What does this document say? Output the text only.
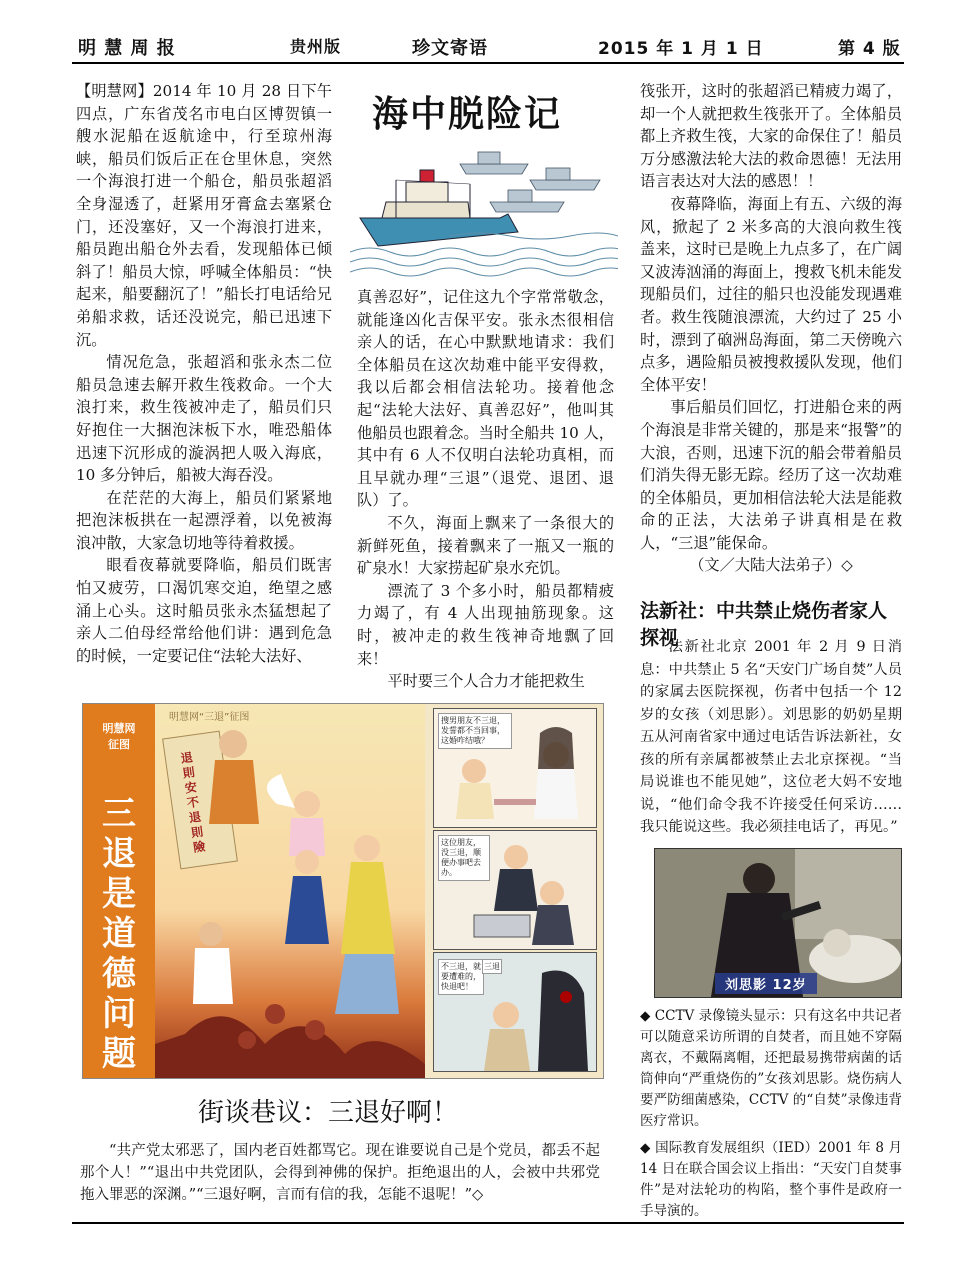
明 慧 周 报	贵州版	珍文寄语	2015 年 1 月 1 日	第 4 版

【明慧网】2014 年 10 月 28 日下午四点，广东省茂名市电白区博贺镇一艘水泥船在返航途中，行至琼州海峡，船员们饭后正在仓里休息，突然一个海浪打进一个船仓，船员张超滔全身湿透了，赶紧用牙膏盒去塞紧仓门，还没塞好，又一个海浪打进来，船员跑出船仓外去看，发现船体已倾斜了！船员大惊，呼喊全体船员：“快起来，船要翻沉了！”船长打电话给兄弟船求救，话还没说完，船已迅速下沉。

情况危急，张超滔和张永杰二位船员急速去解开救生筏救命。一个大浪打来，救生筏被冲走了，船员们只好抱住一大捆泡沫板下水，唯恐船体迅速下沉形成的漩涡把人吸入海底，10 多分钟后，船被大海吞没。

在茫茫的大海上，船员们紧紧地把泡沫板拱在一起漂浮着，以免被海浪冲散，大家急切地等待着救援。

眼看夜幕就要降临，船员们既害怕又疲劳，口渴饥寒交迫，绝望之感涌上心头。这时船员张永杰猛想起了亲人二伯母经常给他们讲：遇到危急的时候，一定要记住“法轮大法好、

海中脱险记

真善忍好”，记住这九个字常常敬念，就能逢凶化吉保平安。张永杰很相信亲人的话，在心中默默地请求：我们全体船员在这次劫难中能平安得救，我以后都会相信法轮功。接着他念起“法轮大法好、真善忍好”，他叫其他船员也跟着念。当时全船共 10 人，其中有 6 人不仅明白法轮功真相，而且早就办理“三退”（退党、退团、退队）了。

不久，海面上飘来了一条很大的新鲜死鱼，接着飘来了一瓶又一瓶的矿泉水！大家捞起矿泉水充饥。

漂流了 3 个多小时，船员都精疲力竭了，有 4 人出现抽筋现象。这时，被冲走的救生筏神奇地飘了回来！

平时要三个人合力才能把救生

筏张开，这时的张超滔已精疲力竭了，却一个人就把救生筏张开了。全体船员都上齐救生筏，大家的命保住了！船员万分感激法轮大法的救命恩德！无法用语言表达对大法的感恩！！

夜幕降临，海面上有五、六级的海风，掀起了 2 米多高的大浪向救生筏盖来，这时已是晚上九点多了，在广阔又波涛汹涌的海面上，搜救飞机未能发现船员们，过往的船只也没能发现遇难者。救生筏随浪漂流，大约过了 25 小时，漂到了硇洲岛海面，第二天傍晚六点多，遇险船员被搜救援队发现，他们全体平安！

事后船员们回忆，打进船仓来的两个海浪是非常关键的，那是来“报警”的大浪，否则，迅速下沉的船会带着船员们消失得无影无踪。经历了这一次劫难的全体船员，更加相信法轮大法是能救命的正法，大法弟子讲真相是在救人，“三退”能保命。

（文／大陆大法弟子）◇

明慧网
征图
三退是道德问题
明慧网“三退”征图
退則安 不退則險
搜男朋友不三退，发誓都不当回事，这婚咋结哦？
这位朋友，没三退，顺便办事吧去办。
不三退，就要遭难的，快退吧！
三退
街谈巷议：三退好啊！

“共产党太邪恶了，国内老百姓都骂它。现在谁要说自己是个党员，都丢不起那个人！”“退出中共党团队，会得到神佛的保护。拒绝退出的人，会被中共邪党拖入罪恶的深渊。”“三退好啊，言而有信的我，怎能不退呢！”◇

法新社：中共禁止烧伤者家人探视

法新社北京 2001 年 2 月 9 日消息：中共禁止 5 名“天安门广场自焚”人员的家属去医院探视，伤者中包括一个 12 岁的女孩（刘思影）。刘思影的奶奶星期五从河南省家中通过电话告诉法新社，女孩的所有亲属都被禁止去北京探视。“当局说谁也不能见她”，这位老大妈不安地说，“他们命令我不许接受任何采访……我只能说这些。我必须挂电话了，再见。”

刘思影 12岁

◆ CCTV 录像镜头显示：只有这名中共记者可以随意采访所谓的自焚者，而且她不穿隔离衣，不戴隔离帽，还把最易携带病菌的话筒伸向“严重烧伤的”女孩刘思影。烧伤病人要严防细菌感染，CCTV 的“自焚”录像违背医疗常识。

◆ 国际教育发展组织（IED）2001 年 8 月 14 日在联合国会议上指出：“天安门自焚事件”是对法轮功的构陷，整个事件是政府一手导演的。
